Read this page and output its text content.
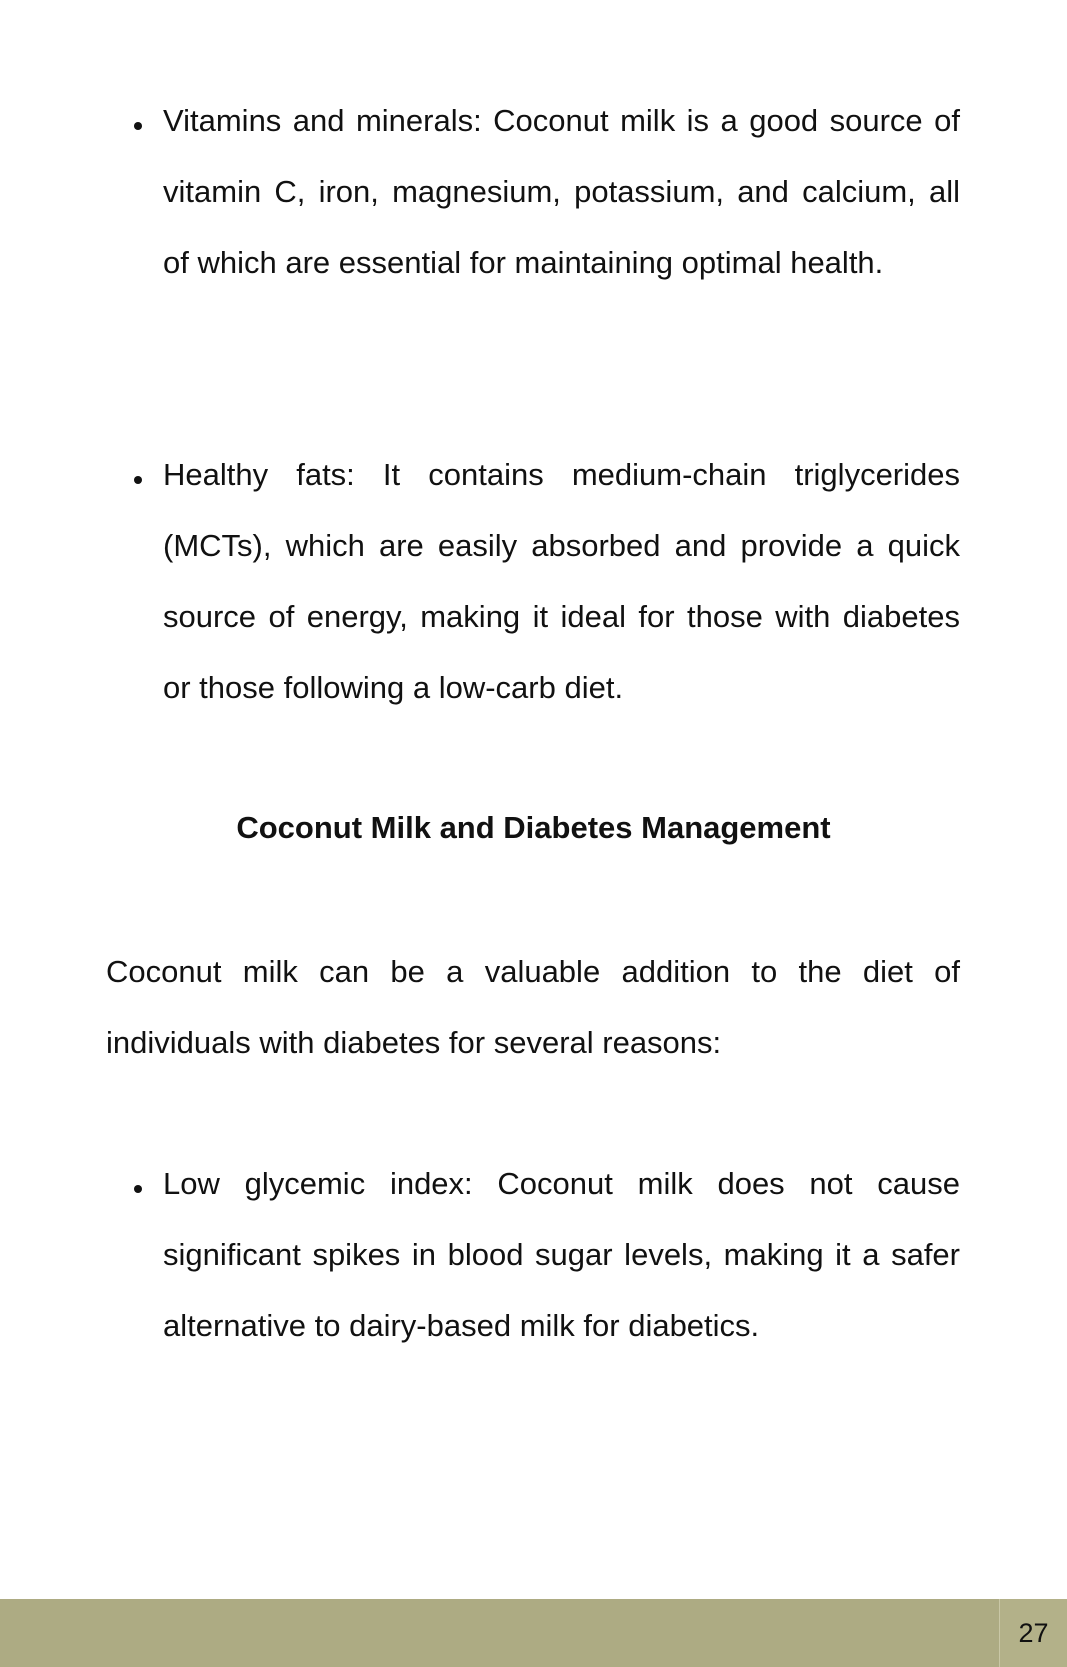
Vitamins and minerals: Coconut milk is a good source of vitamin C, iron, magnesium, potassium, and calcium, all of which are essential for maintaining optimal health.

Healthy fats: It contains medium-chain triglycerides (MCTs), which are easily absorbed and provide a quick source of energy, making it ideal for those with diabetes or those following a low-carb diet.

Coconut Milk and Diabetes Management

Coconut milk can be a valuable addition to the diet of individuals with diabetes for several reasons:

Low glycemic index: Coconut milk does not cause significant spikes in blood sugar levels, making it a safer alternative to dairy-based milk for diabetics.

27
